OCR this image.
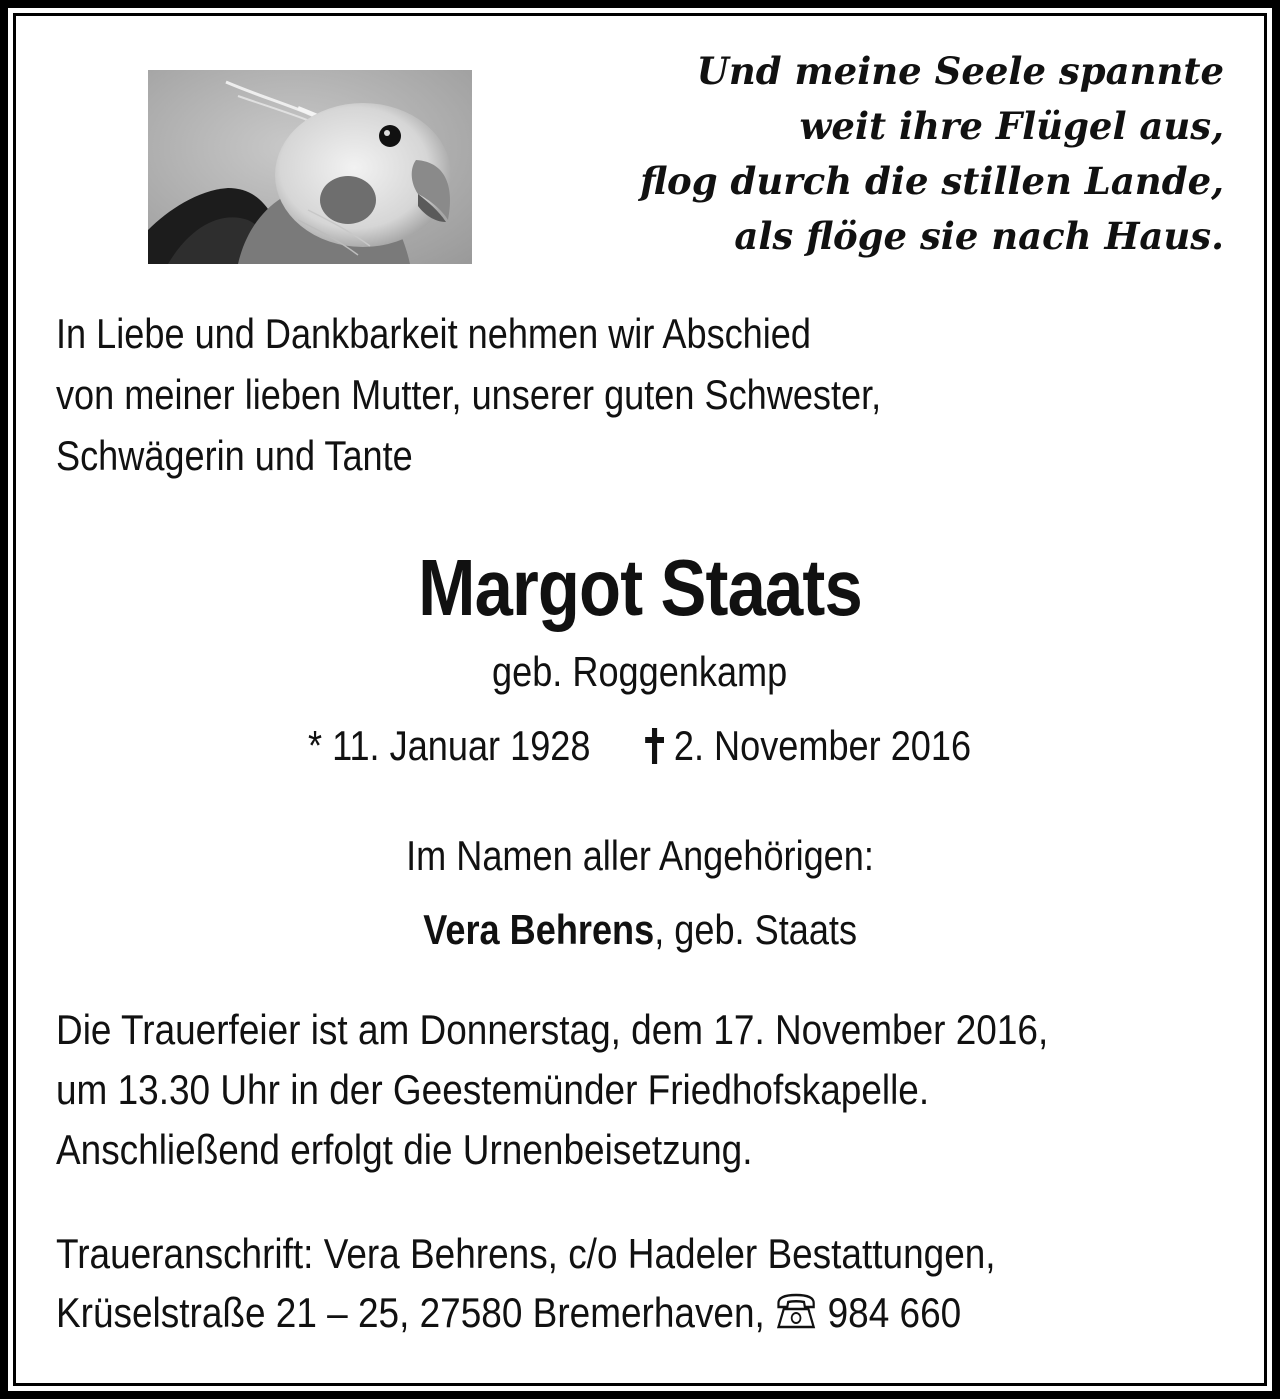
Und meine Seele spannte
weit ihre Flügel aus,
flog durch die stillen Lande,
als flöge sie nach Haus.
In Liebe und Dankbarkeit nehmen wir Abschied
von meiner lieben Mutter, unserer guten Schwester,
Schwägerin und Tante
Margot Staats
geb. Roggenkamp
* 11. Januar 1928 2. November 2016
Im Namen aller Angehörigen:
Vera Behrens, geb. Staats
Die Trauerfeier ist am Donnerstag, dem 17. November 2016,
um 13.30 Uhr in der Geestemünder Friedhofskapelle.
Anschließend erfolgt die Urnenbeisetzung.
Traueranschrift: Vera Behrens, c/o Hadeler Bestattungen,
Krüselstraße 21 – 25, 27580 Bremerhaven,  984 660
